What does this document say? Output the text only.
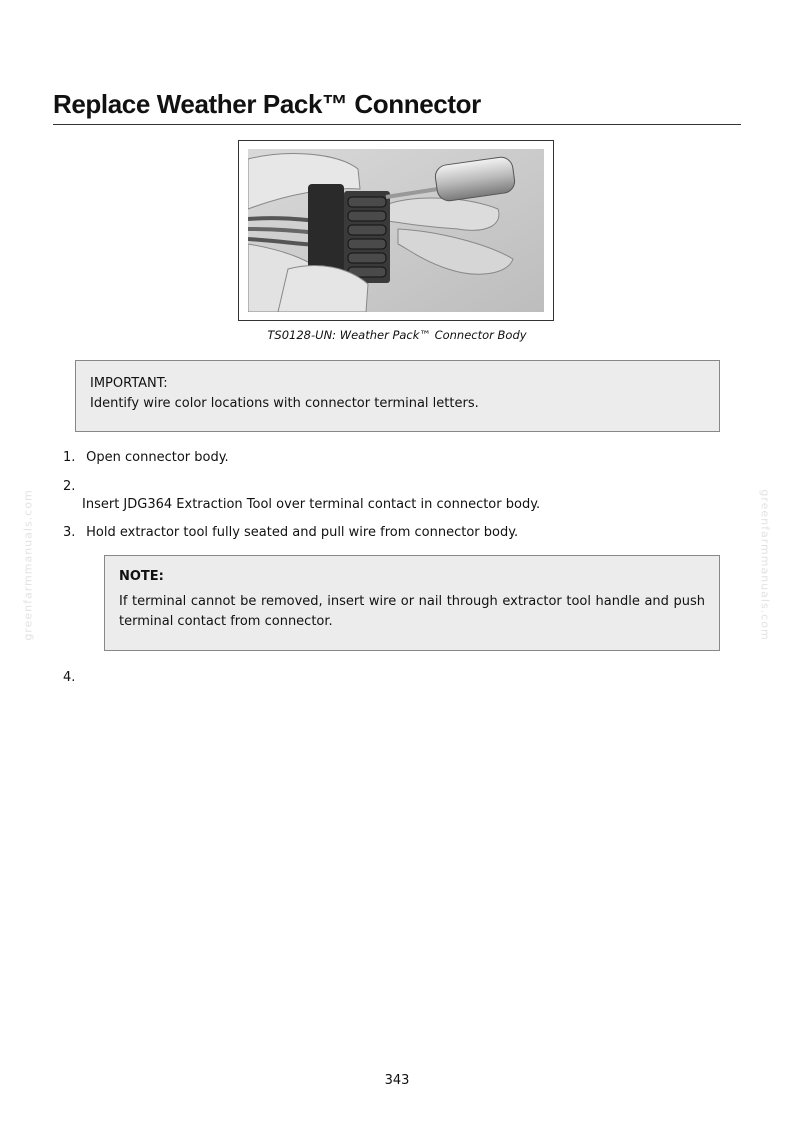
Replace Weather Pack™ Connector
TS0128-UN: Weather Pack™ Connector Body
IMPORTANT:
Identify wire color locations with connector terminal letters.
1. Open connector body.
2.
Insert JDG364 Extraction Tool over terminal contact in connector body.
3. Hold extractor tool fully seated and pull wire from connector body.
NOTE:
If terminal cannot be removed, insert wire or nail through extractor tool handle and push terminal contact from connector.
4.
greenfarmmanuals.com	greenfarmmanuals.com
343
